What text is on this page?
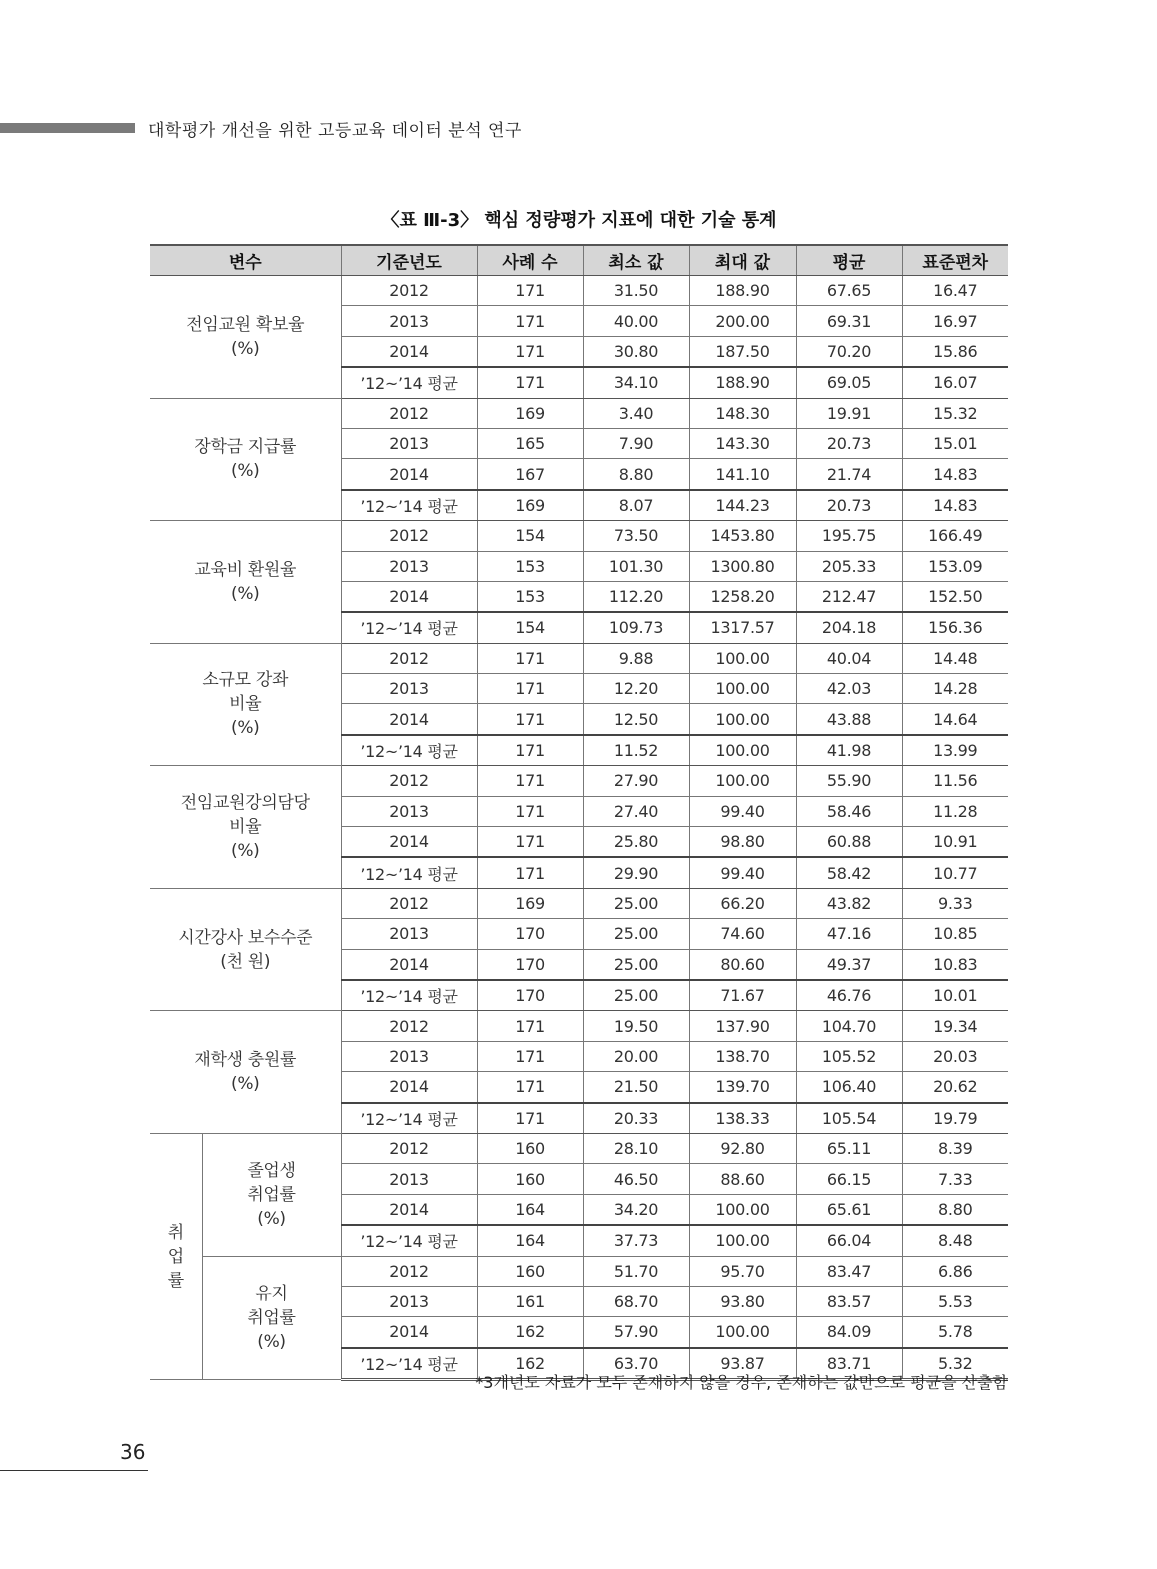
대학평가 개선을 위한 고등교육 데이터 분석 연구
〈표 Ⅲ-3〉 핵심 정량평가 지표에 대한 기술 통계
변수		기준년도	사례 수	최소 값	최대 값	평균	표준편차
전임교원 확보율
(%)		2012	171	31.50	188.90	67.65	16.47
		2013	171	40.00	200.00	69.31	16.97
		2014	171	30.80	187.50	70.20	15.86
		’12~’14 평균	171	34.10	188.90	69.05	16.07
장학금 지급률
(%)		2012	169	3.40	148.30	19.91	15.32
		2013	165	7.90	143.30	20.73	15.01
		2014	167	8.80	141.10	21.74	14.83
		’12~’14 평균	169	8.07	144.23	20.73	14.83
교육비 환원율
(%)		2012	154	73.50	1453.80	195.75	166.49
		2013	153	101.30	1300.80	205.33	153.09
		2014	153	112.20	1258.20	212.47	152.50
		’12~’14 평균	154	109.73	1317.57	204.18	156.36
소규모 강좌
비율
(%)		2012	171	9.88	100.00	40.04	14.48
		2013	171	12.20	100.00	42.03	14.28
		2014	171	12.50	100.00	43.88	14.64
		’12~’14 평균	171	11.52	100.00	41.98	13.99
전임교원강의담당
비율
(%)		2012	171	27.90	100.00	55.90	11.56
		2013	171	27.40	99.40	58.46	11.28
		2014	171	25.80	98.80	60.88	10.91
		’12~’14 평균	171	29.90	99.40	58.42	10.77
시간강사 보수수준
(천 원)		2012	169	25.00	66.20	43.82	9.33
		2013	170	25.00	74.60	47.16	10.85
		2014	170	25.00	80.60	49.37	10.83
		’12~’14 평균	170	25.00	71.67	46.76	10.01
재학생 충원률
(%)		2012	171	19.50	137.90	104.70	19.34
		2013	171	20.00	138.70	105.52	20.03
		2014	171	21.50	139.70	106.40	20.62
		’12~’14 평균	171	20.33	138.33	105.54	19.79
취
업
률	졸업생
취업률
(%)	2012	160	28.10	92.80	65.11	8.39
		2013	160	46.50	88.60	66.15	7.33
		2014	164	34.20	100.00	65.61	8.80
		’12~’14 평균	164	37.73	100.00	66.04	8.48
	유지
취업률
(%)	2012	160	51.70	95.70	83.47	6.86
		2013	161	68.70	93.80	83.57	5.53
		2014	162	57.90	100.00	84.09	5.78
		’12~’14 평균	162	63.70	93.87	83.71	5.32
*3개년도 자료가 모두 존재하지 않을 경우, 존재하는 값만으로 평균을 산출함
36
